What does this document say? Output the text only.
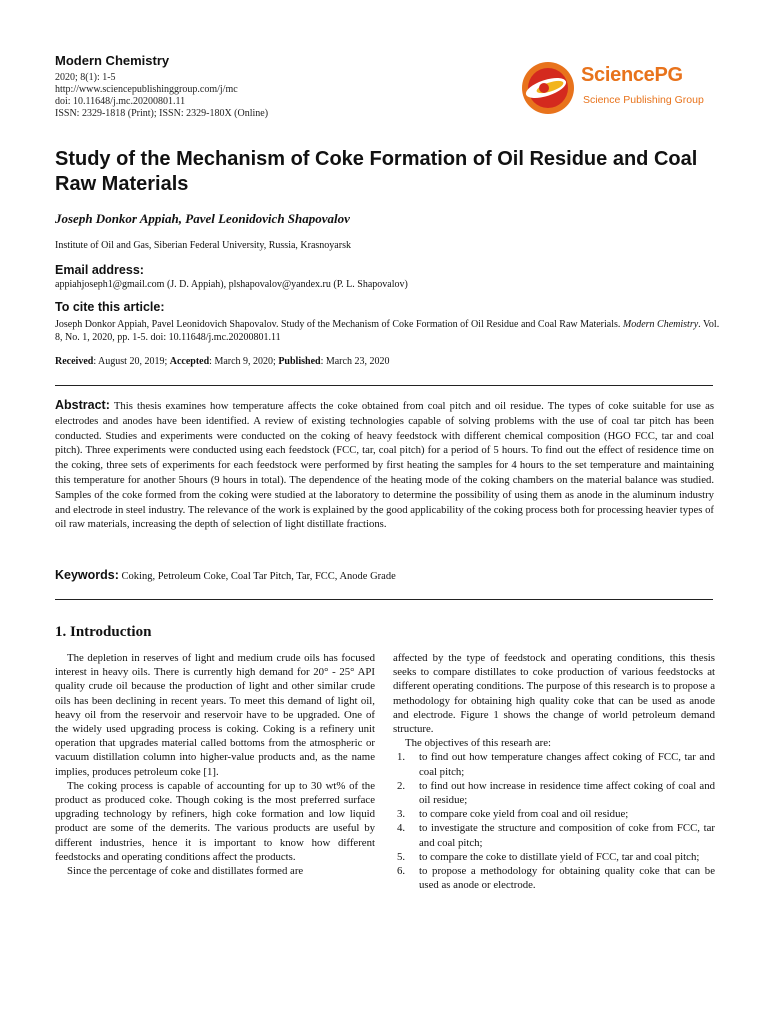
Modern Chemistry
2020; 8(1): 1-5
http://www.sciencepublishinggroup.com/j/mc
doi: 10.11648/j.mc.20200801.11
ISSN: 2329-1818 (Print); ISSN: 2329-180X (Online)
SciencePG
Science Publishing Group
Study of the Mechanism of Coke Formation of Oil Residue and Coal Raw Materials
Joseph Donkor Appiah, Pavel Leonidovich Shapovalov
Institute of Oil and Gas, Siberian Federal University, Russia, Krasnoyarsk
Email address:
appiahjoseph1@gmail.com (J. D. Appiah), plshapovalov@yandex.ru (P. L. Shapovalov)
To cite this article:
Joseph Donkor Appiah, Pavel Leonidovich Shapovalov. Study of the Mechanism of Coke Formation of Oil Residue and Coal Raw Materials. Modern Chemistry. Vol. 8, No. 1, 2020, pp. 1-5. doi: 10.11648/j.mc.20200801.11
Received: August 20, 2019; Accepted: March 9, 2020; Published: March 23, 2020
Abstract: This thesis examines how temperature affects the coke obtained from coal pitch and oil residue. The types of coke suitable for use as electrodes and anodes have been identified. A review of existing technologies capable of solving problems with the use of coal tar pitch has been conducted. Studies and experiments were conducted on the coking of heavy feedstock with different chemical composition (HGO FCC, tar and coal pitch). Three experiments were conducted using each feedstock (FCC, tar, coal pitch) for a period of 5 hours. To find out the effect of residence time on the coking, three sets of experiments for each feedstock were performed by first heating the samples for 4 hours to the set temperature and maintaining this temperature for another 5hours (9 hours in total). The dependence of the heating mode of the coking chambers on the material balance was studied. Samples of the coke formed from the coking were studied at the laboratory to determine the possibility of using them as anode in the aluminum industry and electrode in steel industry. The relevance of the work is explained by the good applicability of the coking process both for processing heavier types of oil raw materials, increasing the depth of selection of light distillate fractions.
Keywords: Coking, Petroleum Coke, Coal Tar Pitch, Tar, FCC, Anode Grade
1. Introduction

The depletion in reserves of light and medium crude oils has focused interest in heavy oils. There is currently high demand for 20° - 25° API quality crude oil because the production of light and other similar crude oils has been declining in recent years. To meet this demand of light oil, heavy oil from the reservoir and reservoir have to be upgraded. One of the widely used upgrading process is coking. Coking is a refinery unit operation that upgrades material called bottoms from the atmospheric or vacuum distillation column into higher-value products and, as the name implies, produces petroleum coke [1].

The coking process is capable of accounting for up to 30 wt% of the product as produced coke. Though coking is the most preferred surface upgrading technology by refiners, high coke formation and low liquid product are some of the demerits. The various products are useful by different industries, hence it is important to know how different feedstocks and operating conditions affect the products.

Since the percentage of coke and distillates formed are

affected by the type of feedstock and operating conditions, this thesis seeks to compare distillates to coke production of various feedstocks at different operating conditions. The purpose of this research is to propose a methodology for obtaining high quality coke that can be used as anode and electrode. Figure 1 shows the change of world petroleum demand structure.

The objectives of this researh are:

1.	to find out how temperature changes affect coking of FCC, tar and coal pitch;
2.	to find out how increase in residence time affect coking of coal and oil residue;
3.	to compare coke yield from coal and oil residue;
4.	to investigate the structure and composition of coke from FCC, tar and coal pitch;
5.	to compare the coke to distillate yield of FCC, tar and coal pitch;
6.	to propose a methodology for obtaining quality coke that can be used as anode or electrode.
